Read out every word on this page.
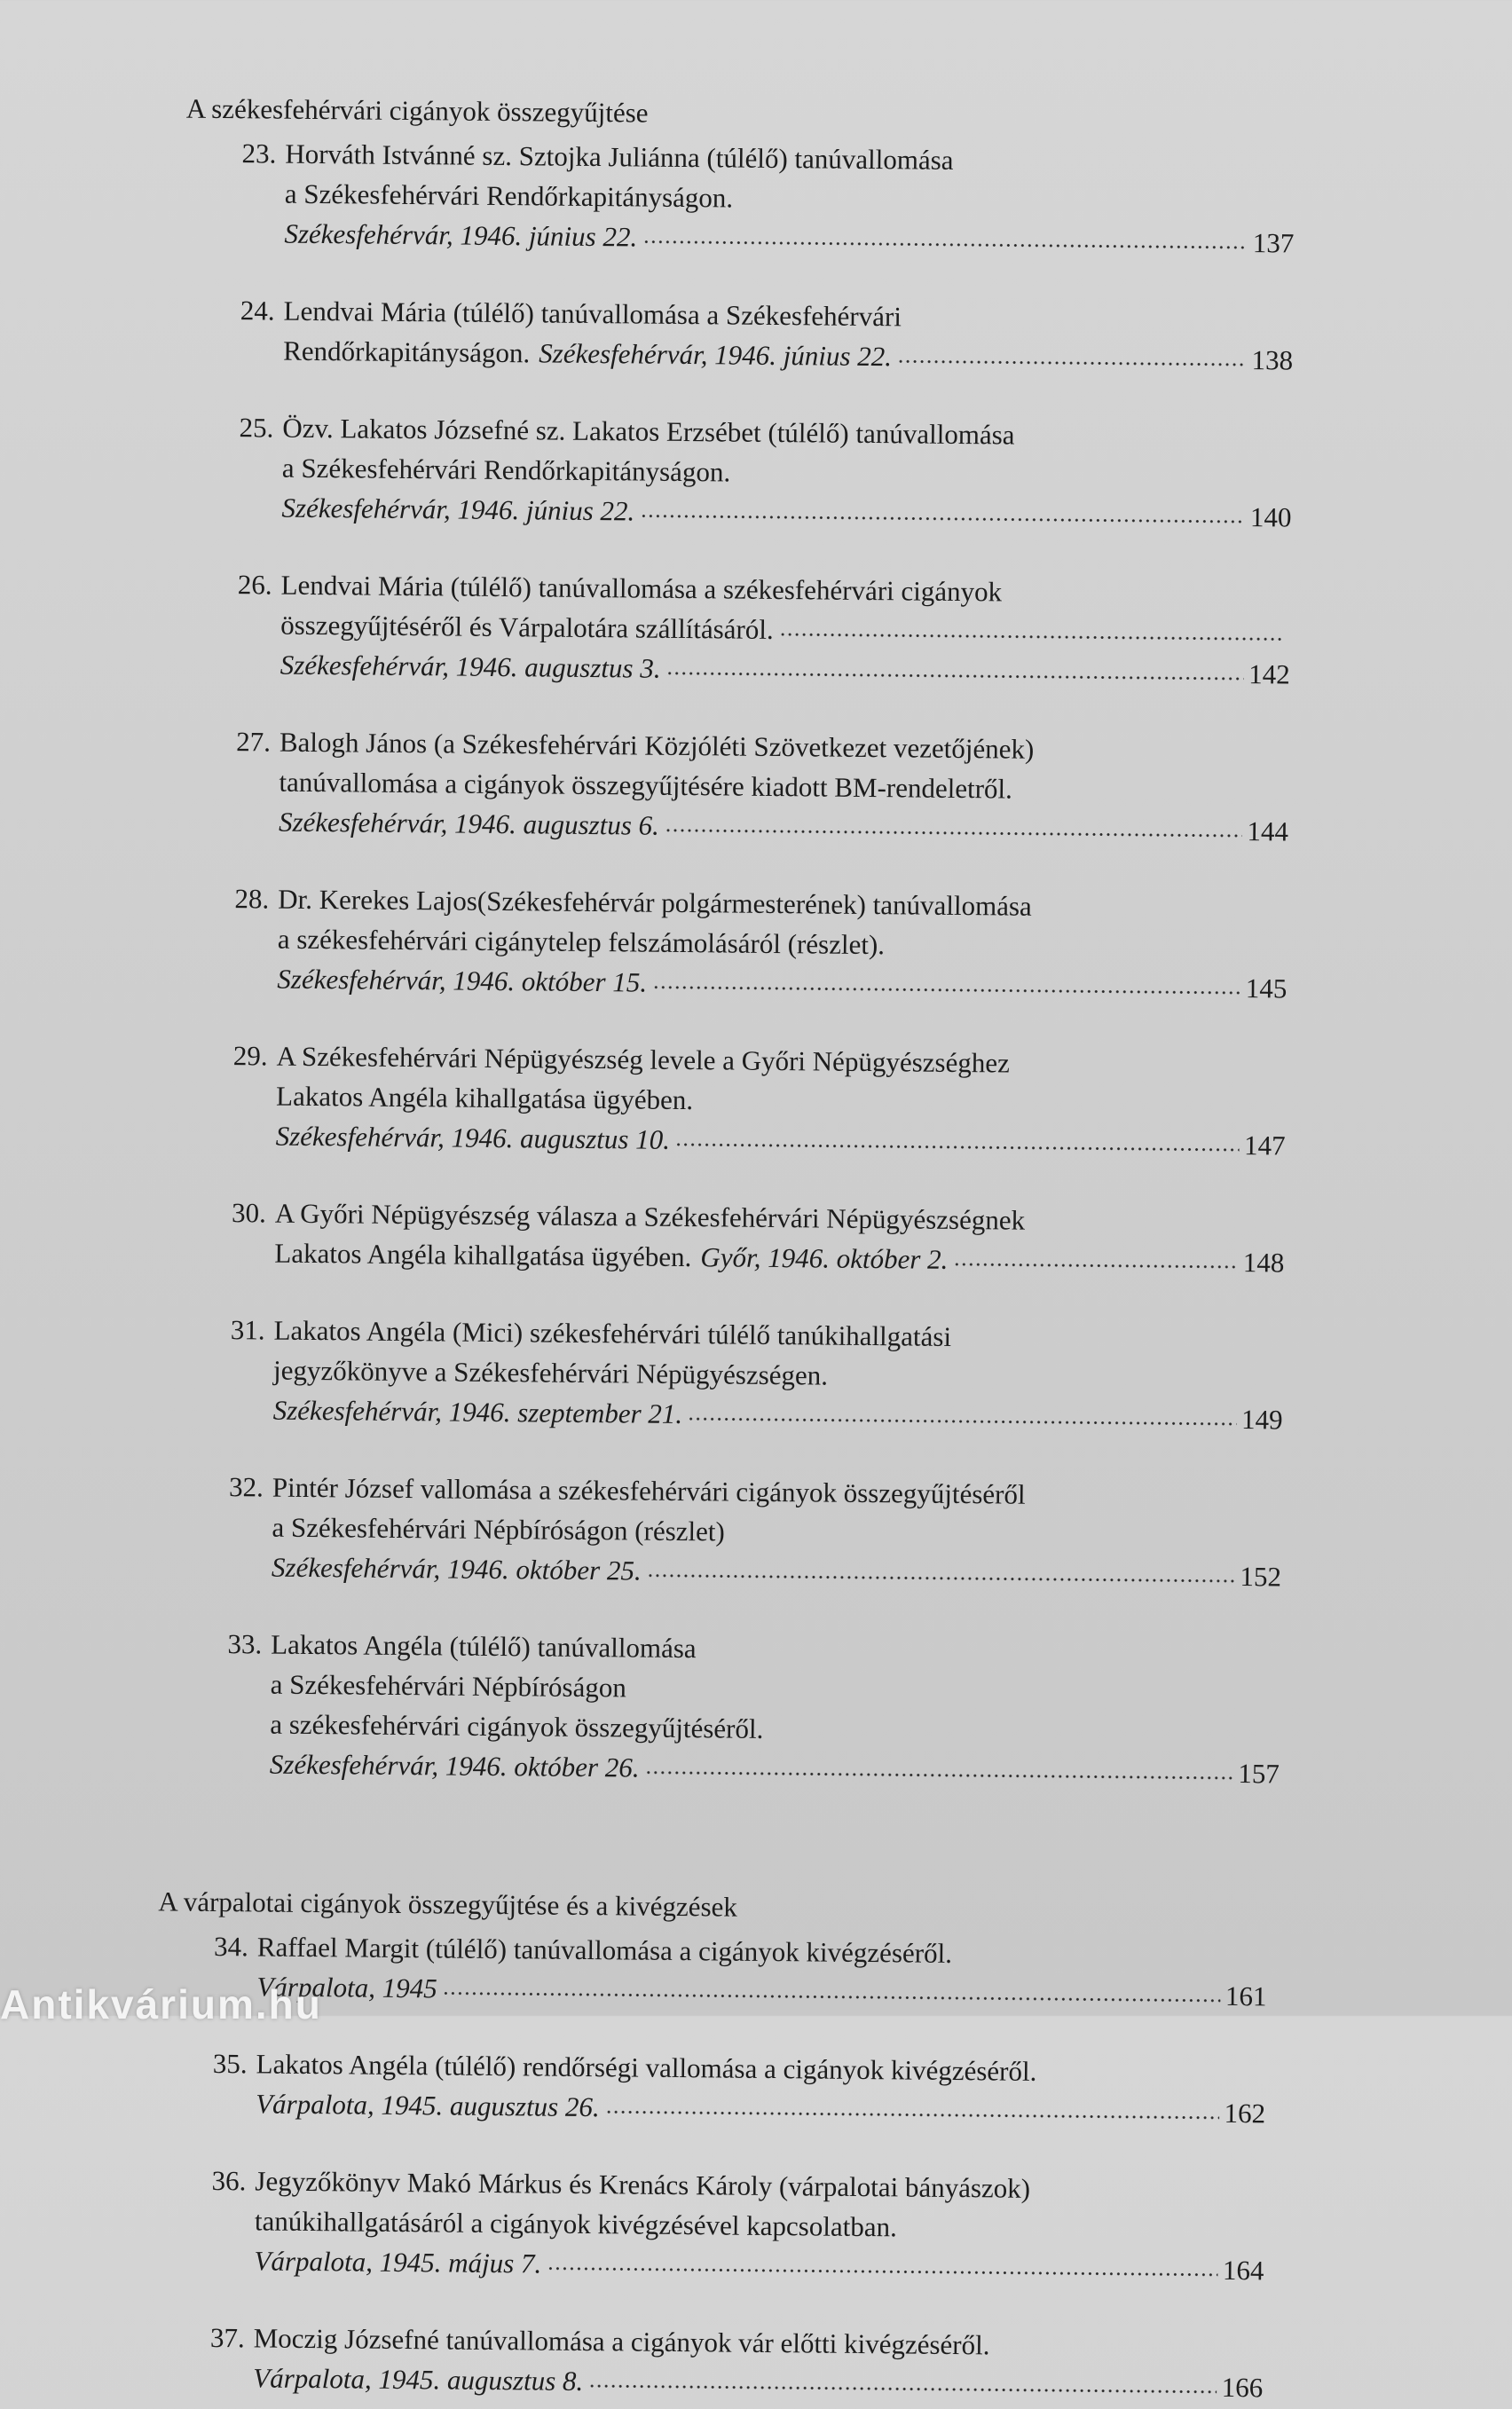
A székesfehérvári cigányok összegyűjtése
23. Horváth Istvánné sz. Sztojka Juliánna (túlélő) tanúvallomása
a Székesfehérvári Rendőrkapitányságon.
Székesfehérvár, 1946. június 22.	137
24. Lendvai Mária (túlélő) tanúvallomása a Székesfehérvári
Rendőrkapitányságon. Székesfehérvár, 1946. június 22.	138
25. Özv. Lakatos Józsefné sz. Lakatos Erzsébet (túlélő) tanúvallomása
a Székesfehérvári Rendőrkapitányságon.
Székesfehérvár, 1946. június 22.	140
26. Lendvai Mária (túlélő) tanúvallomása a székesfehérvári cigányok
összegyűjtéséről és Várpalotára szállításáról.
Székesfehérvár, 1946. augusztus 3.	142
27. Balogh János (a Székesfehérvári Közjóléti Szövetkezet vezetőjének)
tanúvallomása a cigányok összegyűjtésére kiadott BM-rendeletről.
Székesfehérvár, 1946. augusztus 6.	144
28. Dr. Kerekes Lajos(Székesfehérvár polgármesterének) tanúvallomása
a székesfehérvári cigánytelep felszámolásáról (részlet).
Székesfehérvár, 1946. október 15.	145
29. A Székesfehérvári Népügyészség levele a Győri Népügyészséghez
Lakatos Angéla kihallgatása ügyében.
Székesfehérvár, 1946. augusztus 10.	147
30. A Győri Népügyészség válasza a Székesfehérvári Népügyészségnek
Lakatos Angéla kihallgatása ügyében. Győr, 1946. október 2.	148
31. Lakatos Angéla (Mici) székesfehérvári túlélő tanúkihallgatási
jegyzőkönyve a Székesfehérvári Népügyészségen.
Székesfehérvár, 1946. szeptember 21.	149
32. Pintér József vallomása a székesfehérvári cigányok összegyűjtéséről
a Székesfehérvári Népbíróságon (részlet)
Székesfehérvár, 1946. október 25.	152
33. Lakatos Angéla (túlélő) tanúvallomása
a Székesfehérvári Népbíróságon
a székesfehérvári cigányok összegyűjtéséről.
Székesfehérvár, 1946. október 26.	157
A várpalotai cigányok összegyűjtése és a kivégzések
34. Raffael Margit (túlélő) tanúvallomása a cigányok kivégzéséről.
Várpalota, 1945	161
35. Lakatos Angéla (túlélő) rendőrségi vallomása a cigányok kivégzéséről.
Várpalota, 1945. augusztus 26.	162
36. Jegyzőkönyv Makó Márkus és Krenács Károly (várpalotai bányászok)
tanúkihallgatásáról a cigányok kivégzésével kapcsolatban.
Várpalota, 1945. május 7.	164
37. Moczig Józsefné tanúvallomása a cigányok vár előtti kivégzéséről.
Várpalota, 1945. augusztus 8.	166
Antikvárium.hu
